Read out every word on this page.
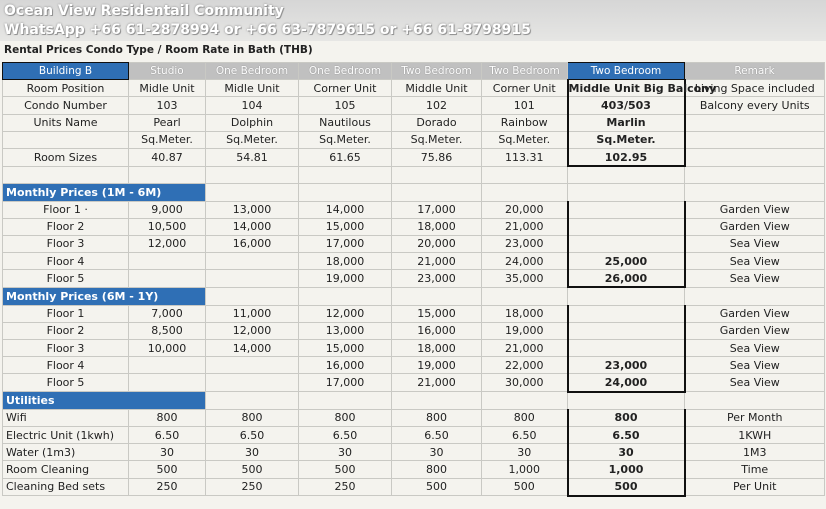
Ocean View Residentail Community
WhatsApp +66 61-2878994 or +66 63-7879615 or +66 61-8798915
Rental Prices Condo Type / Room Rate in Bath (THB)
Building B	Studio	One Bedroom	One Bedroom	Two Bedroom	Two Bedroom	Two Bedroom	Remark
Room Position	Midle Unit	Midle Unit	Corner Unit	Middle Unit	Corner Unit	Middle Unit Big Balcony	Living Space included
Condo Number	103	104	105	102	101	403/503	Balcony every Units
Units Name	Pearl	Dolphin	Nautilous	Dorado	Rainbow	Marlin	
	Sq.Meter.	Sq.Meter.	Sq.Meter.	Sq.Meter.	Sq.Meter.	Sq.Meter.	
Room Sizes	40.87	54.81	61.65	75.86	113.31	102.95	

Monthly Prices (1M - 6M)							
Floor 1 ·	9,000	13,000	14,000	17,000	20,000		Garden View
Floor 2	10,500	14,000	15,000	18,000	21,000		Garden View
Floor 3	12,000	16,000	17,000	20,000	23,000		Sea View
Floor 4			18,000	21,000	24,000	25,000	Sea View
Floor 5			19,000	23,000	35,000	26,000	Sea View
Monthly Prices (6M - 1Y)							
Floor 1	7,000	11,000	12,000	15,000	18,000		Garden View
Floor 2	8,500	12,000	13,000	16,000	19,000		Garden View
Floor 3	10,000	14,000	15,000	18,000	21,000		Sea View
Floor 4			16,000	19,000	22,000	23,000	Sea View
Floor 5			17,000	21,000	30,000	24,000	Sea View
Utilities							
Wifi	800	800	800	800	800	800	Per Month
Electric Unit (1kwh)	6.50	6.50	6.50	6.50	6.50	6.50	1KWH
Water (1m3)	30	30	30	30	30	30	1M3
Room Cleaning	500	500	500	800	1,000	1,000	Time
Cleaning Bed sets	250	250	250	500	500	500	Per Unit
